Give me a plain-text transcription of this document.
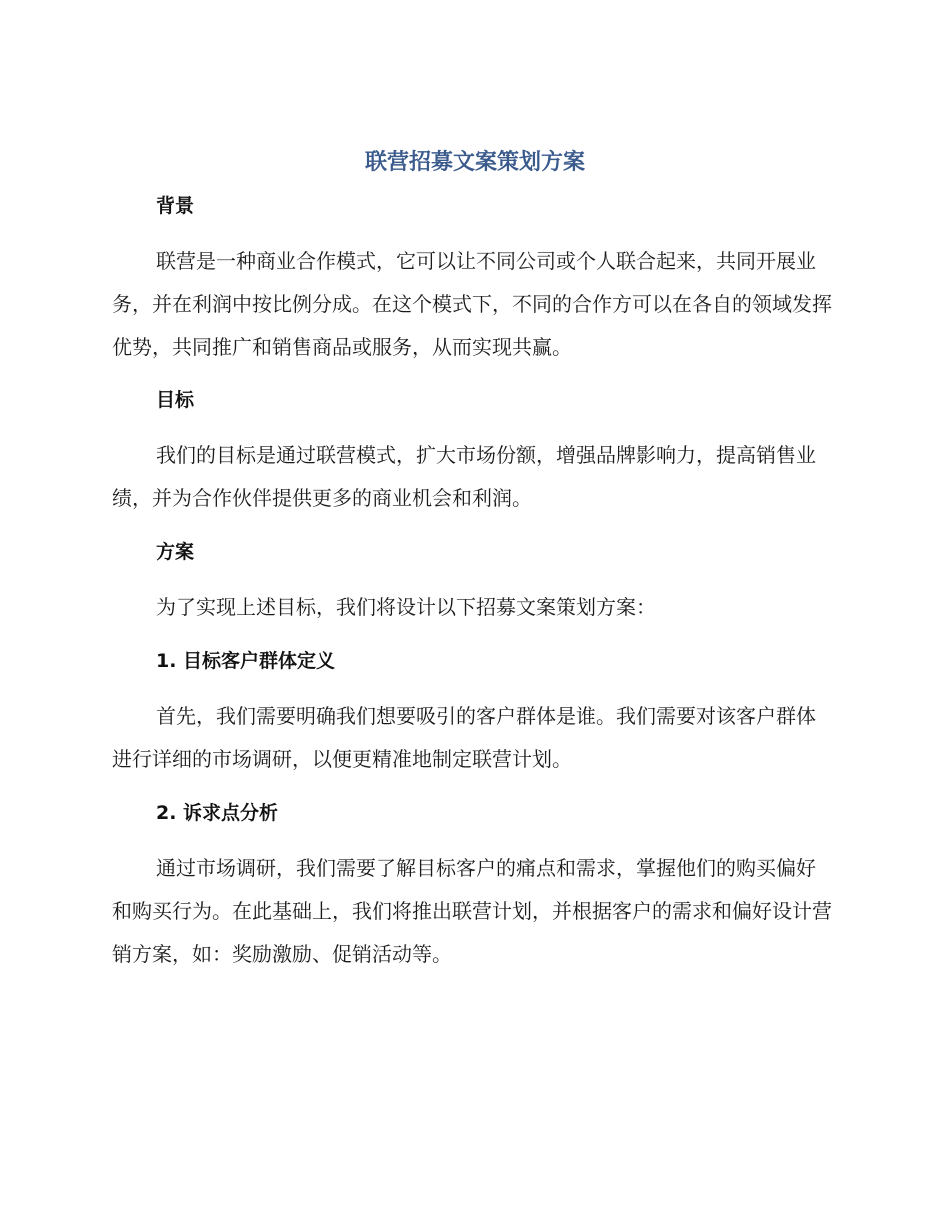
联营招募文案策划方案
背景

联营是一种商业合作模式，它可以让不同公司或个人联合起来，共同开展业务，并在利润中按比例分成。在这个模式下，不同的合作方可以在各自的领域发挥优势，共同推广和销售商品或服务，从而实现共赢。

目标

我们的目标是通过联营模式，扩大市场份额，增强品牌影响力，提高销售业绩，并为合作伙伴提供更多的商业机会和利润。

方案

为了实现上述目标，我们将设计以下招募文案策划方案：

1. 目标客户群体定义

首先，我们需要明确我们想要吸引的客户群体是谁。我们需要对该客户群体进行详细的市场调研，以便更精准地制定联营计划。

2. 诉求点分析

通过市场调研，我们需要了解目标客户的痛点和需求，掌握他们的购买偏好和购买行为。在此基础上，我们将推出联营计划，并根据客户的需求和偏好设计营销方案，如：奖励激励、促销活动等。
